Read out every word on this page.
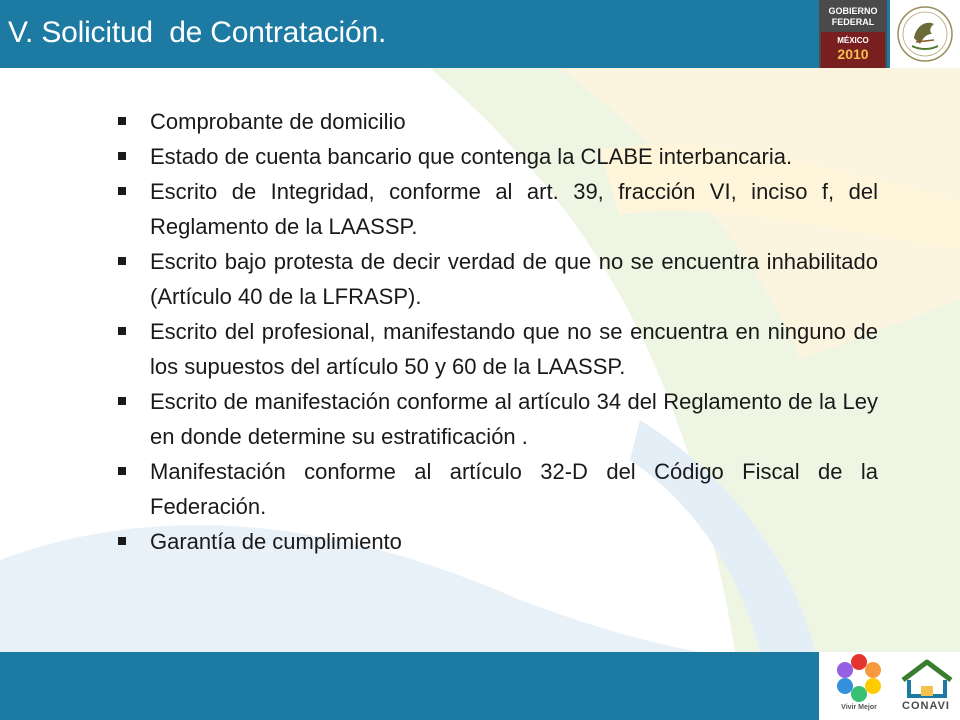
V. Solicitud  de Contratación.
GOBIERNO
FEDERAL
MÉXICO
2010
Comprobante de domicilio
Estado de cuenta bancario que contenga la CLABE interbancaria.
Escrito de Integridad, conforme al art. 39, fracción VI, inciso f, del Reglamento de la LAASSP.
Escrito bajo protesta de decir verdad de que no se encuentra inhabilitado (Artículo 40 de la LFRASP).
Escrito del profesional, manifestando que no se encuentra en ninguno de los supuestos del artículo 50 y 60 de la LAASSP.
Escrito de manifestación conforme al artículo 34 del Reglamento de la Ley en donde determine su estratificación .
Manifestación conforme al artículo 32-D del Código Fiscal de la Federación.
Garantía de cumplimiento
Vivir Mejor	CONAVI
